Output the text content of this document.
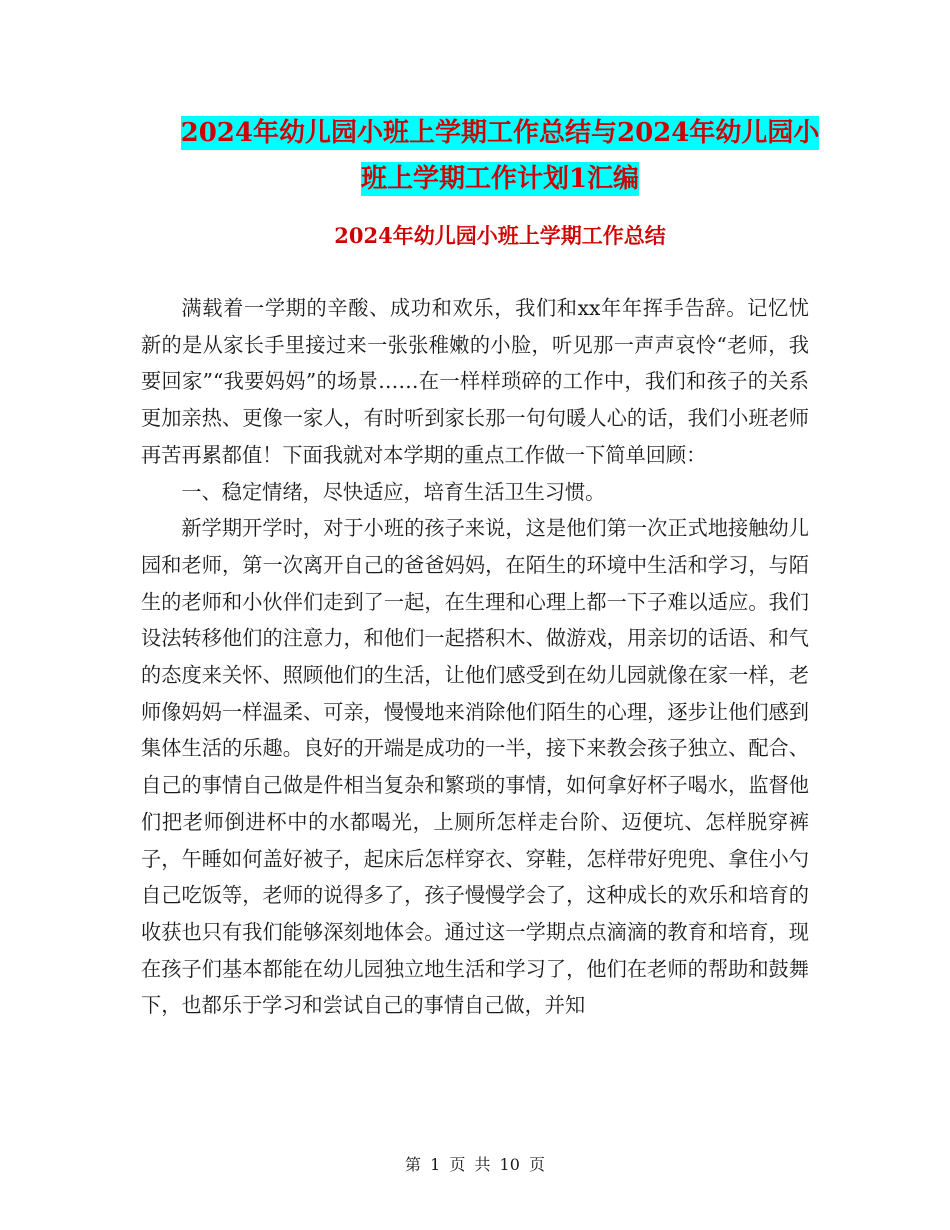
2024年幼儿园小班上学期工作总结与2024年幼儿园小
班上学期工作计划1汇编
2024年幼儿园小班上学期工作总结

满载着一学期的辛酸、成功和欢乐，我们和xx年年挥手告辞。记忆忧新的是从家长手里接过来一张张稚嫩的小脸，听见那一声声哀怜“老师，我要回家”“我要妈妈”的场景……在一样样琐碎的工作中，我们和孩子的关系更加亲热、更像一家人，有时听到家长那一句句暖人心的话，我们小班老师再苦再累都值！下面我就对本学期的重点工作做一下简单回顾：

一、稳定情绪，尽快适应，培育生活卫生习惯。

新学期开学时，对于小班的孩子来说，这是他们第一次正式地接触幼儿园和老师，第一次离开自己的爸爸妈妈，在陌生的环境中生活和学习，与陌生的老师和小伙伴们走到了一起，在生理和心理上都一下子难以适应。我们设法转移他们的注意力，和他们一起搭积木、做游戏，用亲切的话语、和气的态度来关怀、照顾他们的生活，让他们感受到在幼儿园就像在家一样，老师像妈妈一样温柔、可亲，慢慢地来消除他们陌生的心理，逐步让他们感到集体生活的乐趣。良好的开端是成功的一半，接下来教会孩子独立、配合、自己的事情自己做是件相当复杂和繁琐的事情，如何拿好杯子喝水，监督他们把老师倒进杯中的水都喝光，上厕所怎样走台阶、迈便坑、怎样脱穿裤子，午睡如何盖好被子，起床后怎样穿衣、穿鞋，怎样带好兜兜、拿住小勺自己吃饭等，老师的说得多了，孩子慢慢学会了，这种成长的欢乐和培育的收获也只有我们能够深刻地体会。通过这一学期点点滴滴的教育和培育，现在孩子们基本都能在幼儿园独立地生活和学习了，他们在老师的帮助和鼓舞下，也都乐于学习和尝试自己的事情自己做，并知

第 1 页 共 10 页
